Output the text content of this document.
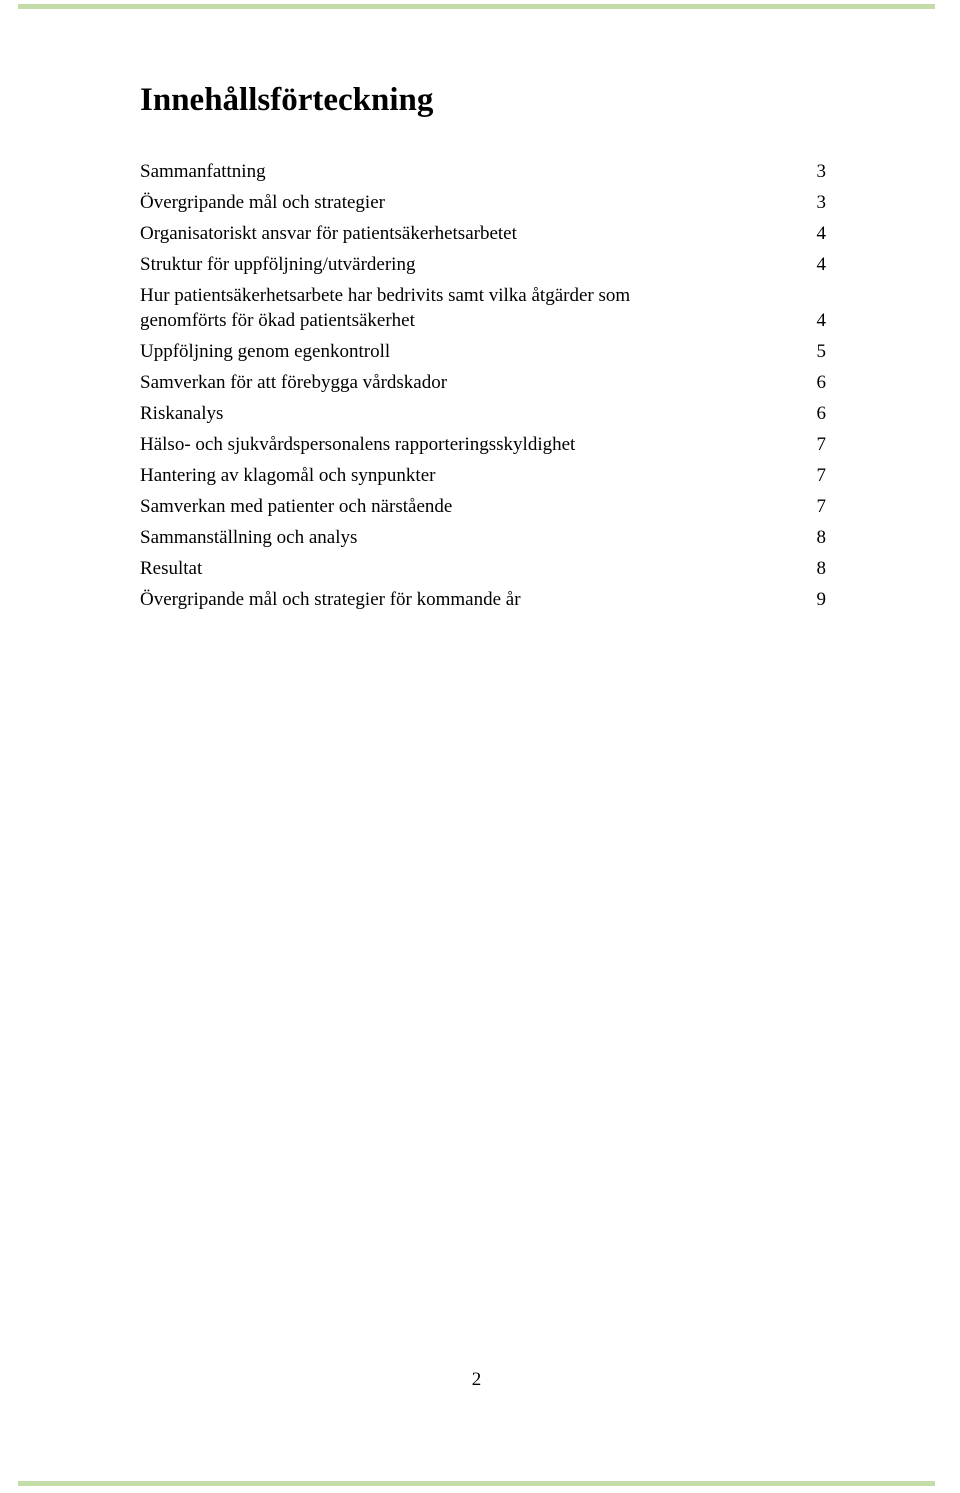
Innehållsförteckning
Sammanfattning	3
Övergripande mål och strategier	3
Organisatoriskt ansvar för patientsäkerhetsarbetet	4
Struktur för uppföljning/utvärdering	4
Hur patientsäkerhetsarbete har bedrivits samt vilka åtgärder som
genomförts för ökad patientsäkerhet	4
Uppföljning genom egenkontroll	5
Samverkan för att förebygga vårdskador	6
Riskanalys	6
Hälso- och sjukvårdspersonalens rapporteringsskyldighet	7
Hantering av klagomål och synpunkter	7
Samverkan med patienter och närstående	7
Sammanställning och analys	8
Resultat	8
Övergripande mål och strategier för kommande år	9
2
